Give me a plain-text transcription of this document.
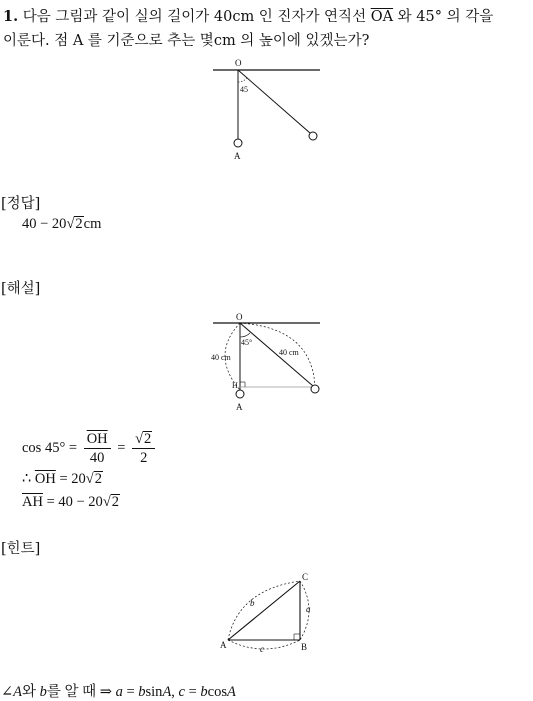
1. 다음 그림과 같이 실의 길이가 40cm 인 진자가 연직선 $\overline{OA}$ 와 45° 의 각을
이룬다. 점 A 를 기준으로 추는 몇cm 의 높이에 있겠는가?
O
45
A
[정답]
40 − 20√2cm
[해설]
O
45°
40 cm
40 cm
H
A
$\cos 45^\circ = \frac{\overline{OH}}{40} = \frac{√2}{2}$
∴ $\overline{OH} = 20√2$
$\overline{AH} = 40 - 20√2$
[힌트]
C
b
a
c
A	B
∠A와 b를 알 때 ⇒ a = bsinA, c = bcosA
